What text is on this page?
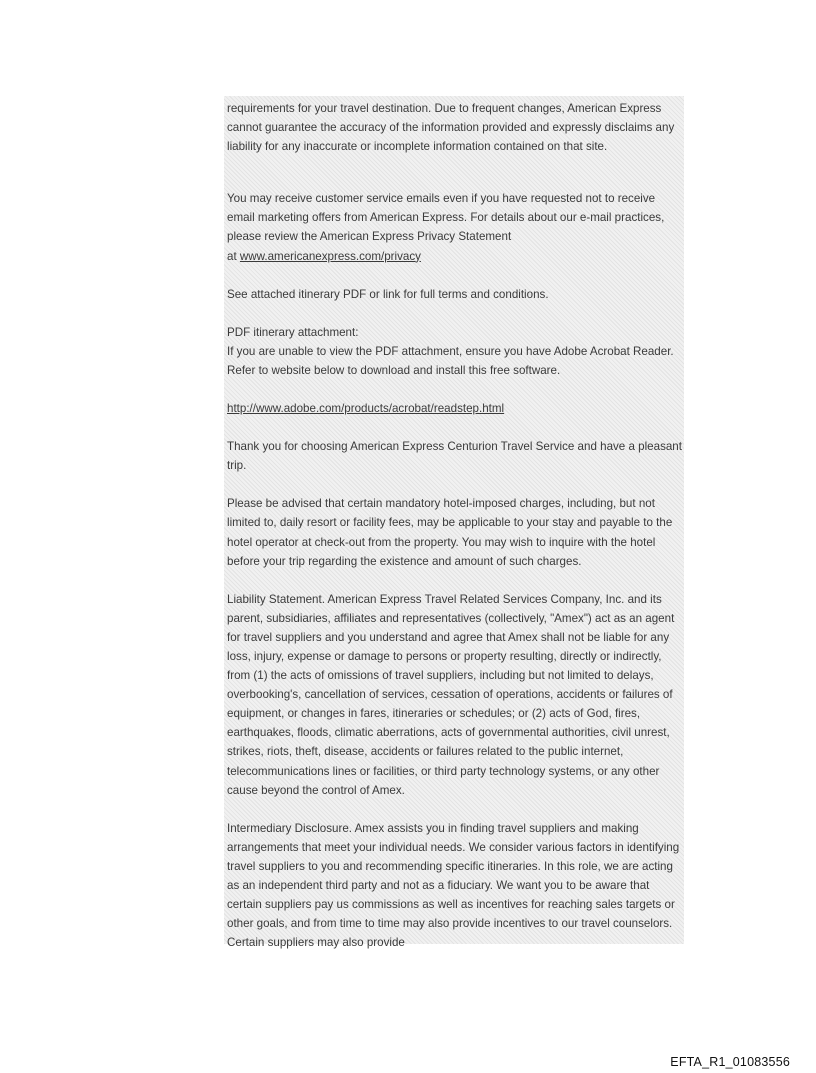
requirements for your travel destination. Due to frequent changes, American Express cannot guarantee the accuracy of the information provided and expressly disclaims any liability for any inaccurate or incomplete information contained on that site.

You may receive customer service emails even if you have requested not to receive email marketing offers from American Express. For details about our e-mail practices, please review the American Express Privacy Statement
at www.americanexpress.com/privacy

See attached itinerary PDF or link for full terms and conditions.

PDF itinerary attachment:
If you are unable to view the PDF attachment, ensure you have Adobe Acrobat Reader. Refer to website below to download and install this free software.

http://www.adobe.com/products/acrobat/readstep.html

Thank you for choosing American Express Centurion Travel Service and have a pleasant trip.

Please be advised that certain mandatory hotel-imposed charges, including, but not limited to, daily resort or facility fees, may be applicable to your stay and payable to the hotel operator at check-out from the property. You may wish to inquire with the hotel before your trip regarding the existence and amount of such charges.

Liability Statement. American Express Travel Related Services Company, Inc. and its parent, subsidiaries, affiliates and representatives (collectively, "Amex") act as an agent for travel suppliers and you understand and agree that Amex shall not be liable for any loss, injury, expense or damage to persons or property resulting, directly or indirectly, from (1) the acts of omissions of travel suppliers, including but not limited to delays, overbooking's, cancellation of services, cessation of operations, accidents or failures of equipment, or changes in fares, itineraries or schedules; or (2) acts of God, fires, earthquakes, floods, climatic aberrations, acts of governmental authorities, civil unrest, strikes, riots, theft, disease, accidents or failures related to the public internet, telecommunications lines or facilities, or third party technology systems, or any other cause beyond the control of Amex.

Intermediary Disclosure. Amex assists you in finding travel suppliers and making arrangements that meet your individual needs. We consider various factors in identifying travel suppliers to you and recommending specific itineraries. In this role, we are acting as an independent third party and not as a fiduciary. We want you to be aware that certain suppliers pay us commissions as well as incentives for reaching sales targets or other goals, and from time to time may also provide incentives to our travel counselors. Certain suppliers may also provide

EFTA_R1_01083556
